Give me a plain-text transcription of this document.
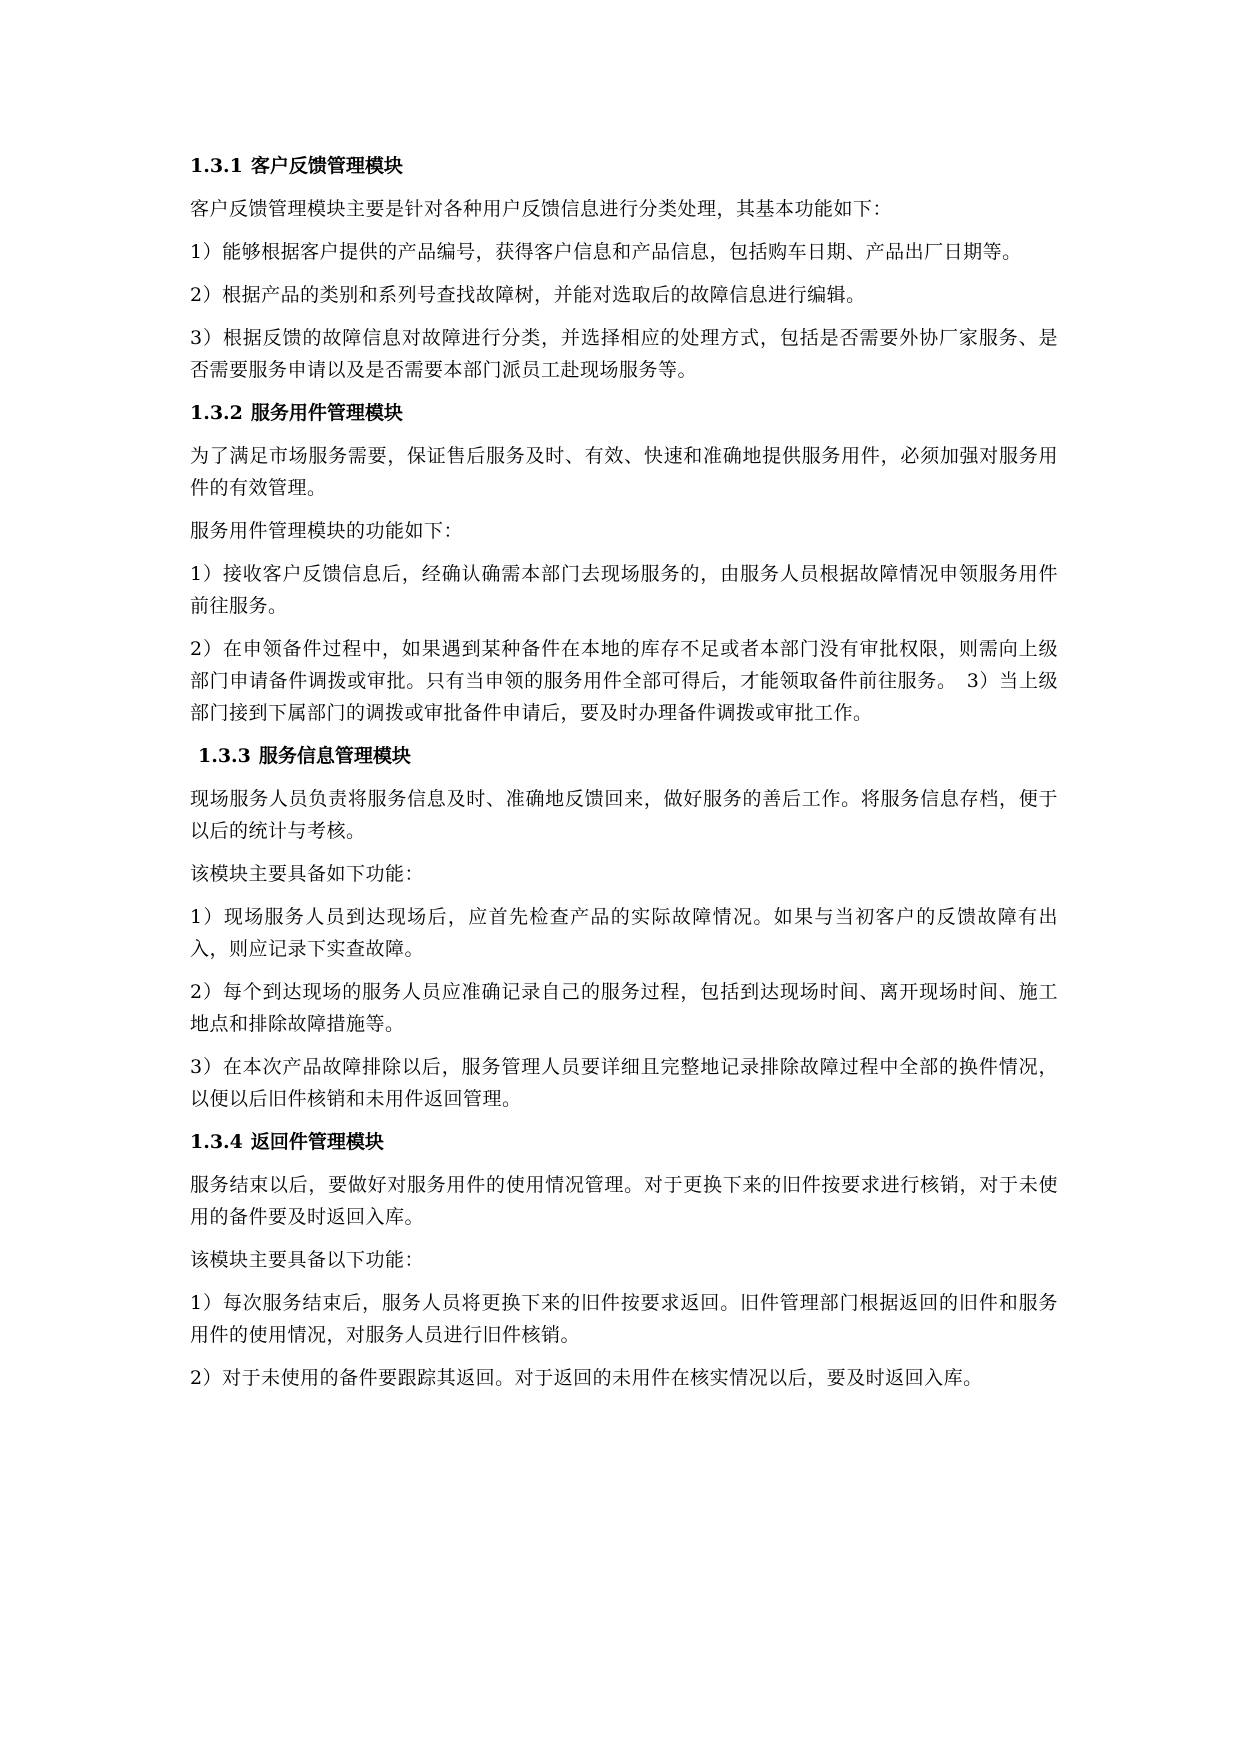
1.3.1 客户反馈管理模块

客户反馈管理模块主要是针对各种用户反馈信息进行分类处理，其基本功能如下：

1）能够根据客户提供的产品编号，获得客户信息和产品信息，包括购车日期、产品出厂日期等。

2）根据产品的类别和系列号查找故障树，并能对选取后的故障信息进行编辑。

3）根据反馈的故障信息对故障进行分类，并选择相应的处理方式，包括是否需要外协厂家服务、是否需要服务申请以及是否需要本部门派员工赴现场服务等。

1.3.2 服务用件管理模块

为了满足市场服务需要，保证售后服务及时、有效、快速和准确地提供服务用件，必须加强对服务用件的有效管理。

服务用件管理模块的功能如下：

1）接收客户反馈信息后，经确认确需本部门去现场服务的，由服务人员根据故障情况申领服务用件前往服务。

2）在申领备件过程中，如果遇到某种备件在本地的库存不足或者本部门没有审批权限，则需向上级部门申请备件调拨或审批。只有当申领的服务用件全部可得后，才能领取备件前往服务。　3）当上级部门接到下属部门的调拨或审批备件申请后，要及时办理备件调拨或审批工作。

1.3.3 服务信息管理模块

现场服务人员负责将服务信息及时、准确地反馈回来，做好服务的善后工作。将服务信息存档，便于以后的统计与考核。

该模块主要具备如下功能：

1）现场服务人员到达现场后，应首先检查产品的实际故障情况。如果与当初客户的反馈故障有出入，则应记录下实查故障。

2）每个到达现场的服务人员应准确记录自己的服务过程，包括到达现场时间、离开现场时间、施工地点和排除故障措施等。

3）在本次产品故障排除以后，服务管理人员要详细且完整地记录排除故障过程中全部的换件情况，以便以后旧件核销和未用件返回管理。

1.3.4 返回件管理模块

服务结束以后，要做好对服务用件的使用情况管理。对于更换下来的旧件按要求进行核销，对于未使用的备件要及时返回入库。

该模块主要具备以下功能：

1）每次服务结束后，服务人员将更换下来的旧件按要求返回。旧件管理部门根据返回的旧件和服务用件的使用情况，对服务人员进行旧件核销。

2）对于未使用的备件要跟踪其返回。对于返回的未用件在核实情况以后，要及时返回入库。
